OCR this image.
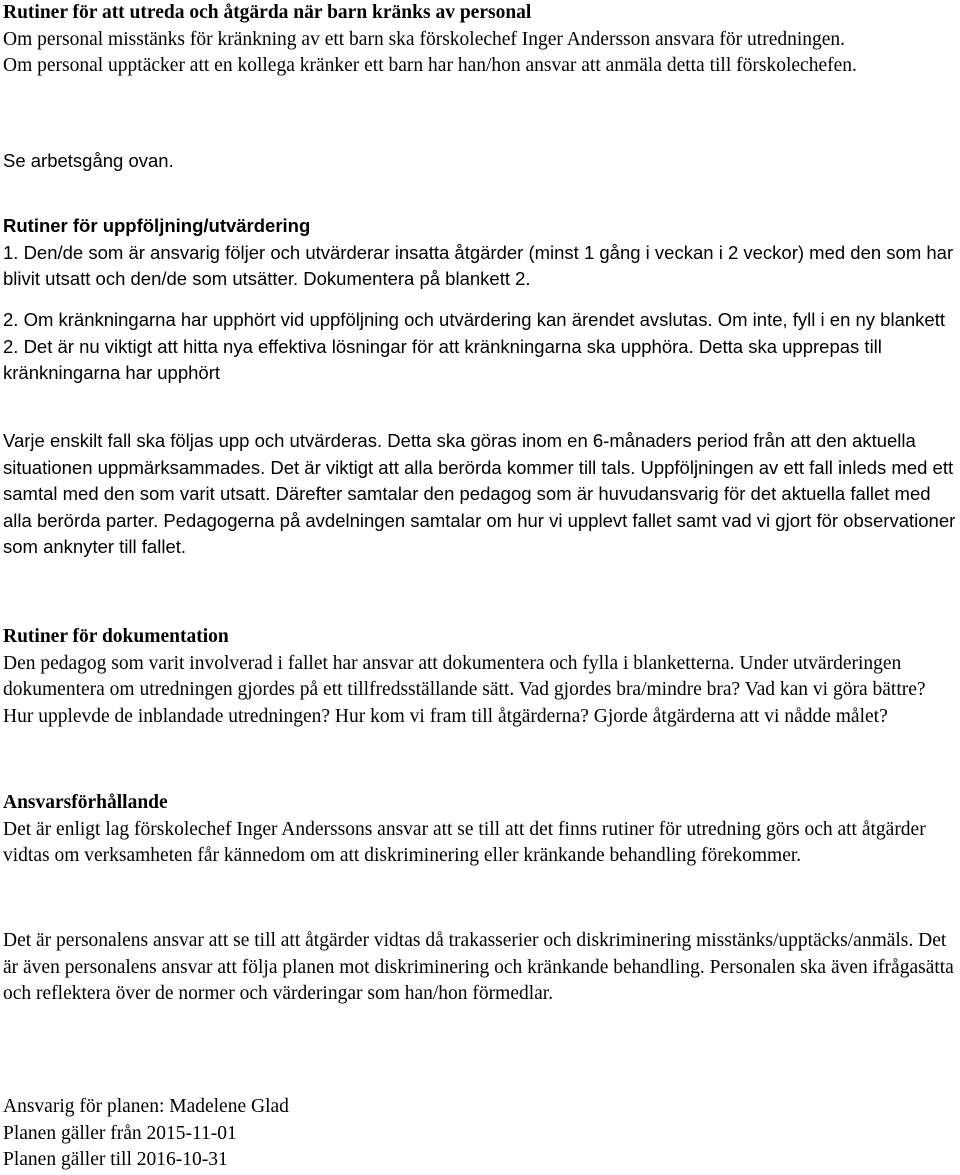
Rutiner för att utreda och åtgärda när barn kränks av personal

Om personal misstänks för kränkning av ett barn ska förskolechef Inger Andersson ansvara för utredningen.

Om personal upptäcker att en kollega kränker ett barn har han/hon ansvar att anmäla detta till förskolechefen.

Se arbetsgång ovan.

Rutiner för uppföljning/utvärdering

1. Den/de som är ansvarig följer och utvärderar insatta åtgärder (minst 1 gång i veckan i 2 veckor) med den som har blivit utsatt och den/de som utsätter. Dokumentera på blankett 2.

2. Om kränkningarna har upphört vid uppföljning och utvärdering kan ärendet avslutas. Om inte, fyll i en ny blankett 2. Det är nu viktigt att hitta nya effektiva lösningar för att kränkningarna ska upphöra. Detta ska upprepas till kränkningarna har upphört

Varje enskilt fall ska följas upp och utvärderas. Detta ska göras inom en 6-månaders period från att den aktuella situationen uppmärksammades. Det är viktigt att alla berörda kommer till tals. Uppföljningen av ett fall inleds med ett samtal med den som varit utsatt. Därefter samtalar den pedagog som är huvudansvarig för det aktuella fallet med alla berörda parter. Pedagogerna på avdelningen samtalar om hur vi upplevt fallet samt vad vi gjort för observationer som anknyter till fallet.

Rutiner för dokumentation

Den pedagog som varit involverad i fallet har ansvar att dokumentera och fylla i blanketterna. Under utvärderingen dokumentera om utredningen gjordes på ett tillfredsställande sätt. Vad gjordes bra/mindre bra? Vad kan vi göra bättre? Hur upplevde de inblandade utredningen? Hur kom vi fram till åtgärderna? Gjorde åtgärderna att vi nådde målet?

Ansvarsförhållande

Det är enligt lag förskolechef Inger Anderssons ansvar att se till att det finns rutiner för utredning görs och att åtgärder vidtas om verksamheten får kännedom om att diskriminering eller kränkande behandling förekommer.

Det är personalens ansvar att se till att åtgärder vidtas då trakasserier och diskriminering misstänks/upptäcks/anmäls. Det är även personalens ansvar att följa planen mot diskriminering och kränkande behandling. Personalen ska även ifrågasätta och reflektera över de normer och värderingar som han/hon förmedlar.

Ansvarig för planen: Madelene Glad

Planen gäller från 2015-11-01

Planen gäller till 2016-10-31
